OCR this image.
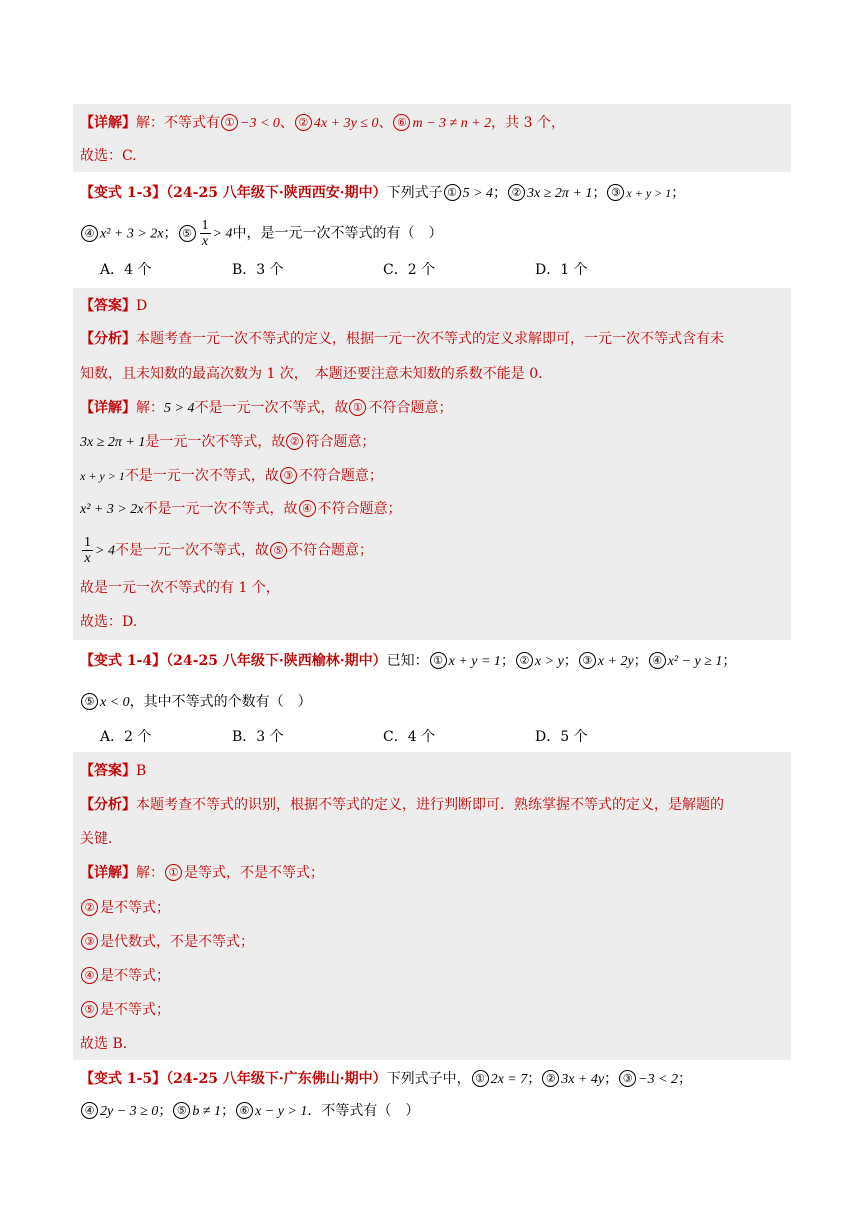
【详解】解：不等式有 ① −3 < 0、 ② 4x + 3y ≤ 0、 ⑥ m − 3 ≠ n + 2，共 3 个，
故选：C.
【变式 1-3】（24-25 八年级下·陕西西安·期中）下列式子 ① 5 > 4； ② 3x ≥ 2π + 1； ③ x + y > 1；
④ x² + 3 > 2x； ⑤ $\frac{1}{x} > 4$中，是一元一次不等式的有（　）
A．4 个	B．3 个	C．2 个	D．1 个
【答案】D
【分析】本题考查一元一次不等式的定义，根据一元一次不等式的定义求解即可，一元一次不等式含有未
知数，且未知数的最高次数为 1 次，　本题还要注意未知数的系数不能是 0.
【详解】解：5 > 4不是一元一次不等式，故 ① 不符合题意；
3x ≥ 2π + 1是一元一次不等式，故 ② 符合题意；
x + y > 1不是一元一次不等式，故 ③ 不符合题意；
x² + 3 > 2x不是一元一次不等式，故 ④ 不符合题意；
$\frac{1}{x} > 4$不是一元一次不等式，故 ⑤ 不符合题意；
故是一元一次不等式的有 1 个，
故选：D.
【变式 1-4】（24-25 八年级下·陕西榆林·期中）已知： ① x + y = 1； ② x > y； ③ x + 2y； ④ x² − y ≥ 1；
⑤ x < 0，其中不等式的个数有（　）
A．2 个	B．3 个	C．4 个	D．5 个
【答案】B
【分析】本题考查不等式的识别，根据不等式的定义，进行判断即可．熟练掌握不等式的定义，是解题的
关键．
【详解】解： ① 是等式，不是不等式；
② 是不等式；
③ 是代数式，不是不等式；
④ 是不等式；
⑤ 是不等式；
故选 B.
【变式 1-5】（24-25 八年级下·广东佛山·期中）下列式子中， ① 2x = 7； ② 3x + 4y； ③ −3 < 2；
④ 2y − 3 ≥ 0； ⑤ b ≠ 1； ⑥ x − y > 1．不等式有（　）
